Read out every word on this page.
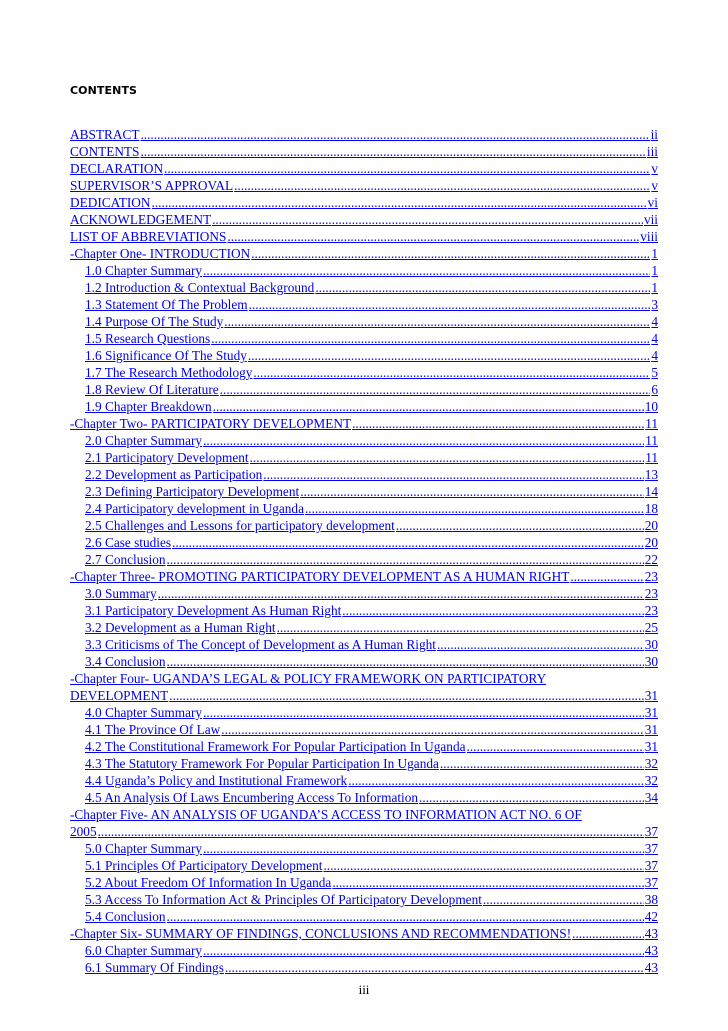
CONTENTS
ABSTRACT .....	ii
CONTENTS .....	iii
DECLARATION .....	v
SUPERVISOR’S APPROVAL .....	v
DEDICATION .....	vi
ACKNOWLEDGEMENT .....	vii
LIST OF ABBREVIATIONS .....	viii
-Chapter One- INTRODUCTION .....	1
1.0 Chapter Summary .....	1
1.2 Introduction & Contextual Background .....	1
1.3 Statement Of The Problem .....	3
1.4 Purpose Of The Study .....	4
1.5 Research Questions .....	4
1.6 Significance Of The Study .....	4
1.7 The Research Methodology .....	5
1.8 Review Of Literature .....	6
1.9 Chapter Breakdown .....	10
-Chapter Two- PARTICIPATORY DEVELOPMENT .....	11
2.0 Chapter Summary .....	11
2.1 Participatory Development .....	11
2.2 Development as Participation .....	13
2.3 Defining Participatory Development .....	14
2.4 Participatory development in Uganda .....	18
2.5 Challenges and Lessons for participatory development .....	20
2.6 Case studies .....	20
2.7 Conclusion .....	22
-Chapter Three- PROMOTING PARTICIPATORY DEVELOPMENT AS A HUMAN RIGHT .....	23
3.0 Summary .....	23
3.1 Participatory Development As Human Right .....	23
3.2 Development as a Human Right .....	25
3.3 Criticisms of The Concept of Development as A Human Right .....	30
3.4 Conclusion .....	30
-Chapter Four- UGANDA’S LEGAL & POLICY FRAMEWORK ON PARTICIPATORY
DEVELOPMENT .....	31
4.0 Chapter Summary .....	31
4.1 The Province Of Law .....	31
4.2 The Constitutional Framework For Popular Participation In Uganda .....	31
4.3 The Statutory Framework For Popular Participation In Uganda .....	32
4.4 Uganda’s Policy and Institutional Framework .....	32
4.5 An Analysis Of Laws Encumbering Access To Information .....	34
-Chapter Five- AN ANALYSIS OF UGANDA’S ACCESS TO INFORMATION ACT NO. 6 OF
2005 .....	37
5.0 Chapter Summary .....	37
5.1 Principles Of Participatory Development .....	37
5.2 About Freedom Of Information In Uganda .....	37
5.3 Access To Information Act & Principles Of Participatory Development .....	38
5.4 Conclusion .....	42
-Chapter Six- SUMMARY OF FINDINGS, CONCLUSIONS AND RECOMMENDATIONS! .....	43
6.0 Chapter Summary .....	43
6.1 Summary Of Findings .....	43
iii
